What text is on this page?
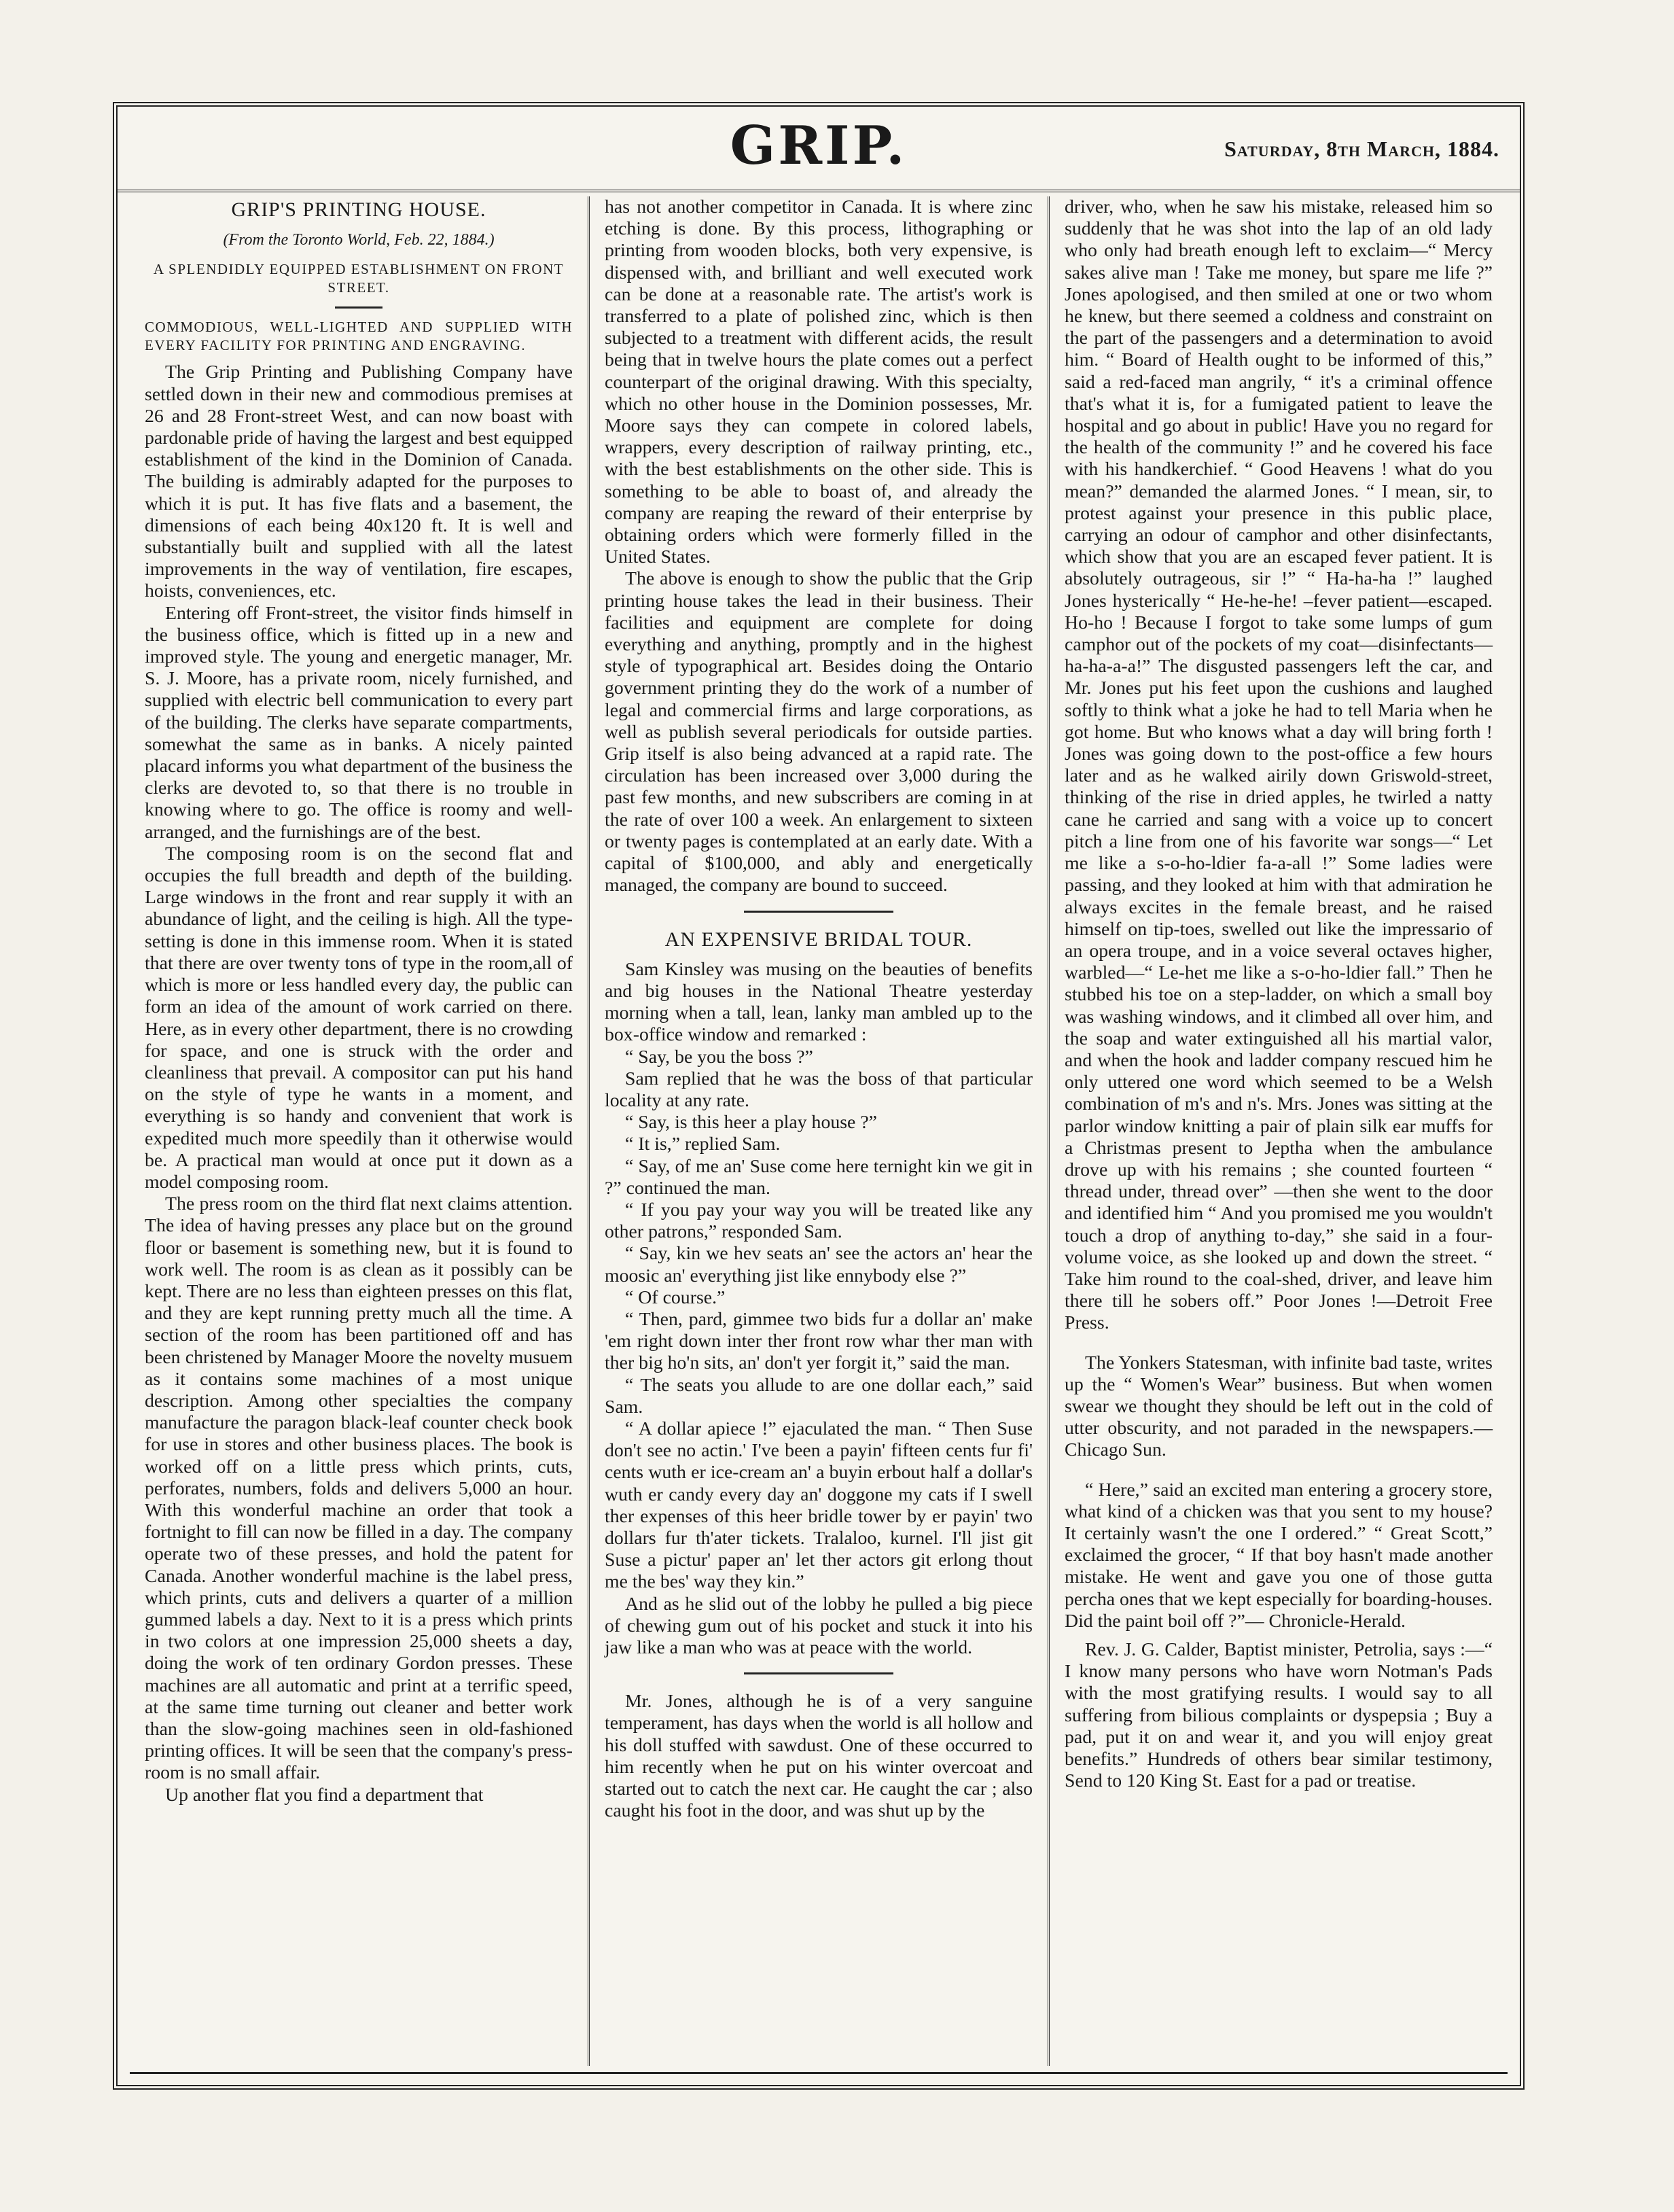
GRIP.	Saturday, 8th March, 1884.
GRIP'S PRINTING HOUSE.
(From the Toronto World, Feb. 22, 1884.)
A SPLENDIDLY EQUIPPED ESTABLISHMENT ON FRONT STREET.
COMMODIOUS, WELL-LIGHTED AND SUPPLIED WITH EVERY FACILITY FOR PRINTING AND ENGRAVING.

The Grip Printing and Publishing Company have settled down in their new and commodious premises at 26 and 28 Front-street West, and can now boast with pardonable pride of having the largest and best equipped establishment of the kind in the Dominion of Canada. The building is admirably adapted for the purposes to which it is put. It has five flats and a basement, the dimensions of each being 40x120 ft. It is well and substantially built and supplied with all the latest improvements in the way of ventilation, fire escapes, hoists, conveniences, etc.

Entering off Front-street, the visitor finds himself in the business office, which is fitted up in a new and improved style. The young and energetic manager, Mr. S. J. Moore, has a private room, nicely furnished, and supplied with electric bell communication to every part of the building. The clerks have separate compartments, somewhat the same as in banks. A nicely painted placard informs you what department of the business the clerks are devoted to, so that there is no trouble in knowing where to go. The office is roomy and well-arranged, and the furnishings are of the best.

The composing room is on the second flat and occupies the full breadth and depth of the building. Large windows in the front and rear supply it with an abundance of light, and the ceiling is high. All the type-setting is done in this immense room. When it is stated that there are over twenty tons of type in the room,all of which is more or less handled every day, the public can form an idea of the amount of work carried on there. Here, as in every other department, there is no crowding for space, and one is struck with the order and cleanliness that prevail. A compositor can put his hand on the style of type he wants in a moment, and everything is so handy and convenient that work is expedited much more speedily than it otherwise would be. A practical man would at once put it down as a model composing room.

The press room on the third flat next claims attention. The idea of having presses any place but on the ground floor or basement is something new, but it is found to work well. The room is as clean as it possibly can be kept. There are no less than eighteen presses on this flat, and they are kept running pretty much all the time. A section of the room has been partitioned off and has been christened by Manager Moore the novelty musuem as it contains some machines of a most unique description. Among other specialties the company manufacture the paragon black-leaf counter check book for use in stores and other business places. The book is worked off on a little press which prints, cuts, perforates, numbers, folds and delivers 5,000 an hour. With this wonderful machine an order that took a fortnight to fill can now be filled in a day. The company operate two of these presses, and hold the patent for Canada. Another wonderful machine is the label press, which prints, cuts and delivers a quarter of a million gummed labels a day. Next to it is a press which prints in two colors at one impression 25,000 sheets a day, doing the work of ten ordinary Gordon presses. These machines are all automatic and print at a terrific speed, at the same time turning out cleaner and better work than the slow-going machines seen in old-fashioned printing offices. It will be seen that the company's press-room is no small affair.

Up another flat you find a department that

has not another competitor in Canada. It is where zinc etching is done. By this process, lithographing or printing from wooden blocks, both very expensive, is dispensed with, and brilliant and well executed work can be done at a reasonable rate. The artist's work is transferred to a plate of polished zinc, which is then subjected to a treatment with different acids, the result being that in twelve hours the plate comes out a perfect counterpart of the original drawing. With this specialty, which no other house in the Dominion possesses, Mr. Moore says they can compete in colored labels, wrappers, every description of railway printing, etc., with the best establishments on the other side. This is something to be able to boast of, and already the company are reaping the reward of their enterprise by obtaining orders which were formerly filled in the United States.

The above is enough to show the public that the Grip printing house takes the lead in their business. Their facilities and equipment are complete for doing everything and anything, promptly and in the highest style of typographical art. Besides doing the Ontario government printing they do the work of a number of legal and commercial firms and large corporations, as well as publish several periodicals for outside parties. Grip itself is also being advanced at a rapid rate. The circulation has been increased over 3,000 during the past few months, and new subscribers are coming in at the rate of over 100 a week. An enlargement to sixteen or twenty pages is contemplated at an early date. With a capital of $100,000, and ably and energetically managed, the company are bound to succeed.

AN EXPENSIVE BRIDAL TOUR.

Sam Kinsley was musing on the beauties of benefits and big houses in the National Theatre yesterday morning when a tall, lean, lanky man ambled up to the box-office window and remarked :

“ Say, be you the boss ?”

Sam replied that he was the boss of that particular locality at any rate.

“ Say, is this heer a play house ?”

“ It is,” replied Sam.

“ Say, of me an' Suse come here ternight kin we git in ?” continued the man.

“ If you pay your way you will be treated like any other patrons,” responded Sam.

“ Say, kin we hev seats an' see the actors an' hear the moosic an' everything jist like ennybody else ?”

“ Of course.”

“ Then, pard, gimmee two bids fur a dollar an' make 'em right down inter ther front row whar ther man with ther big ho'n sits, an' don't yer forgit it,” said the man.

“ The seats you allude to are one dollar each,” said Sam.

“ A dollar apiece !” ejaculated the man. “ Then Suse don't see no actin.' I've been a payin' fifteen cents fur fi' cents wuth er ice-cream an' a buyin erbout half a dollar's wuth er candy every day an' doggone my cats if I swell ther expenses of this heer bridle tower by er payin' two dollars fur th'ater tickets. Tralaloo, kurnel. I'll jist git Suse a pictur' paper an' let ther actors git erlong thout me the bes' way they kin.”

And as he slid out of the lobby he pulled a big piece of chewing gum out of his pocket and stuck it into his jaw like a man who was at peace with the world.

Mr. Jones, although he is of a very sanguine temperament, has days when the world is all hollow and his doll stuffed with sawdust. One of these occurred to him recently when he put on his winter overcoat and started out to catch the next car. He caught the car ; also caught his foot in the door, and was shut up by the

driver, who, when he saw his mistake, released him so suddenly that he was shot into the lap of an old lady who only had breath enough left to exclaim—“ Mercy sakes alive man ! Take me money, but spare me life ?” Jones apologised, and then smiled at one or two whom he knew, but there seemed a coldness and constraint on the part of the passengers and a determination to avoid him. “ Board of Health ought to be informed of this,” said a red-faced man angrily, “ it's a criminal offence that's what it is, for a fumigated patient to leave the hospital and go about in public! Have you no regard for the health of the community !” and he covered his face with his handkerchief. “ Good Heavens ! what do you mean?” demanded the alarmed Jones. “ I mean, sir, to protest against your presence in this public place, carrying an odour of camphor and other disinfectants, which show that you are an escaped fever patient. It is absolutely outrageous, sir !” “ Ha-ha-ha !” laughed Jones hysterically “ He-he-he! –fever patient—escaped. Ho-ho ! Because I forgot to take some lumps of gum camphor out of the pockets of my coat—disinfectants—ha-ha-a-a!” The disgusted passengers left the car, and Mr. Jones put his feet upon the cushions and laughed softly to think what a joke he had to tell Maria when he got home. But who knows what a day will bring forth ! Jones was going down to the post-office a few hours later and as he walked airily down Griswold-street, thinking of the rise in dried apples, he twirled a natty cane he carried and sang with a voice up to concert pitch a line from one of his favorite war songs—“ Let me like a s-o-ho-ldier fa-a-all !” Some ladies were passing, and they looked at him with that admiration he always excites in the female breast, and he raised himself on tip-toes, swelled out like the impressario of an opera troupe, and in a voice several octaves higher, warbled—“ Le-het me like a s-o-ho-ldier fall.” Then he stubbed his toe on a step-ladder, on which a small boy was washing windows, and it climbed all over him, and the soap and water extinguished all his martial valor, and when the hook and ladder company rescued him he only uttered one word which seemed to be a Welsh combination of m's and n's. Mrs. Jones was sitting at the parlor window knitting a pair of plain silk ear muffs for a Christmas present to Jeptha when the ambulance drove up with his remains ; she counted fourteen “ thread under, thread over” —then she went to the door and identified him “ And you promised me you wouldn't touch a drop of anything to-day,” she said in a four-volume voice, as she looked up and down the street. “ Take him round to the coal-shed, driver, and leave him there till he sobers off.” Poor Jones !—Detroit Free Press.

The Yonkers Statesman, with infinite bad taste, writes up the “ Women's Wear” business. But when women swear we thought they should be left out in the cold of utter obscurity, and not paraded in the newspapers.—Chicago Sun.

“ Here,” said an excited man entering a grocery store, what kind of a chicken was that you sent to my house? It certainly wasn't the one I ordered.” “ Great Scott,” exclaimed the grocer, “ If that boy hasn't made another mistake. He went and gave you one of those gutta percha ones that we kept especially for boarding-houses. Did the paint boil off ?”— Chronicle-Herald.

Rev. J. G. Calder, Baptist minister, Petrolia, says :—“ I know many persons who have worn Notman's Pads with the most gratifying results. I would say to all suffering from bilious complaints or dyspepsia ; Buy a pad, put it on and wear it, and you will enjoy great benefits.” Hundreds of others bear similar testimony, Send to 120 King St. East for a pad or treatise.
